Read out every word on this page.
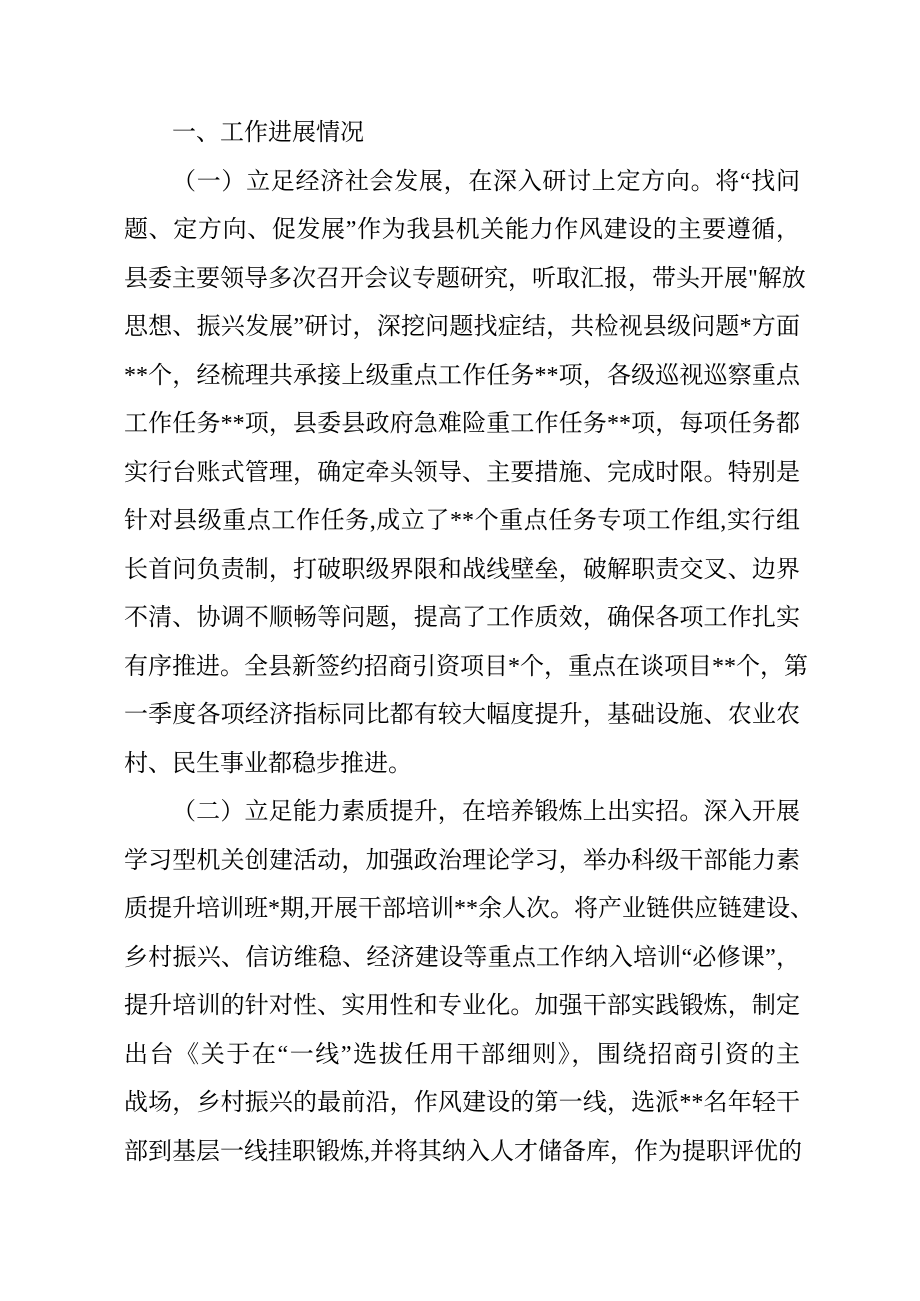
一、工作进展情况
（一）立足经济社会发展，在深入研讨上定方向。将“找问
题、定方向、促发展”作为我县机关能力作风建设的主要遵循，
县委主要领导多次召开会议专题研究，听取汇报，带头开展"解放
思想、振兴发展”研讨，深挖问题找症结，共检视县级问题*方面
**个，经梳理共承接上级重点工作任务**项，各级巡视巡察重点
工作任务**项，县委县政府急难险重工作任务**项，每项任务都
实行台账式管理，确定牵头领导、主要措施、完成时限。特别是
针对县级重点工作任务,成立了**个重点任务专项工作组,实行组
长首问负责制，打破职级界限和战线壁垒，破解职责交叉、边界
不清、协调不顺畅等问题，提高了工作质效，确保各项工作扎实
有序推进。全县新签约招商引资项目*个，重点在谈项目**个，第
一季度各项经济指标同比都有较大幅度提升，基础设施、农业农
村、民生事业都稳步推进。
（二）立足能力素质提升，在培养锻炼上出实招。深入开展
学习型机关创建活动，加强政治理论学习，举办科级干部能力素
质提升培训班*期,开展干部培训**余人次。将产业链供应链建设、
乡村振兴、信访维稳、经济建设等重点工作纳入培训“必修课”，
提升培训的针对性、实用性和专业化。加强干部实践锻炼，制定
出台《关于在“一线”选拔任用干部细则》，围绕招商引资的主
战场，乡村振兴的最前沿，作风建设的第一线，选派**名年轻干
部到基层一线挂职锻炼,并将其纳入人才储备库，作为提职评优的
